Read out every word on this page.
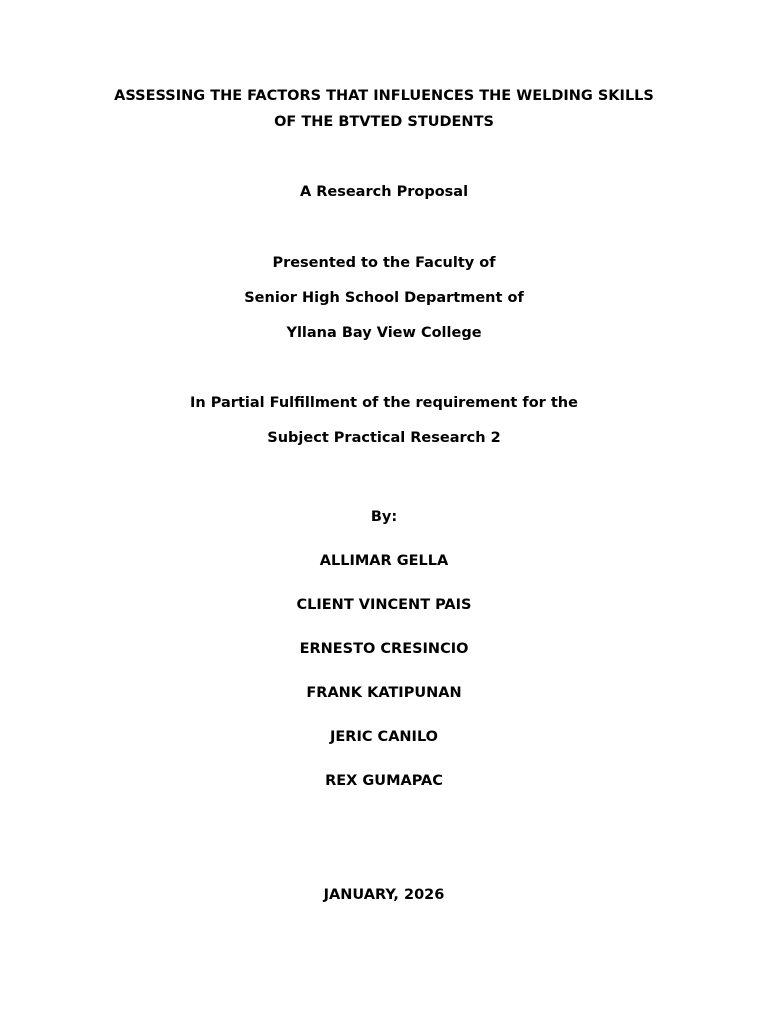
ASSESSING THE FACTORS THAT INFLUENCES THE WELDING SKILLS
OF THE BTVTED STUDENTS
A Research Proposal
Presented to the Faculty of
Senior High School Department of
Yllana Bay View College
In Partial Fulfillment of the requirement for the
Subject Practical Research 2
By:
ALLIMAR GELLA
CLIENT VINCENT PAIS
ERNESTO CRESINCIO
FRANK KATIPUNAN
JERIC CANILO
REX GUMAPAC
JANUARY, 2026
